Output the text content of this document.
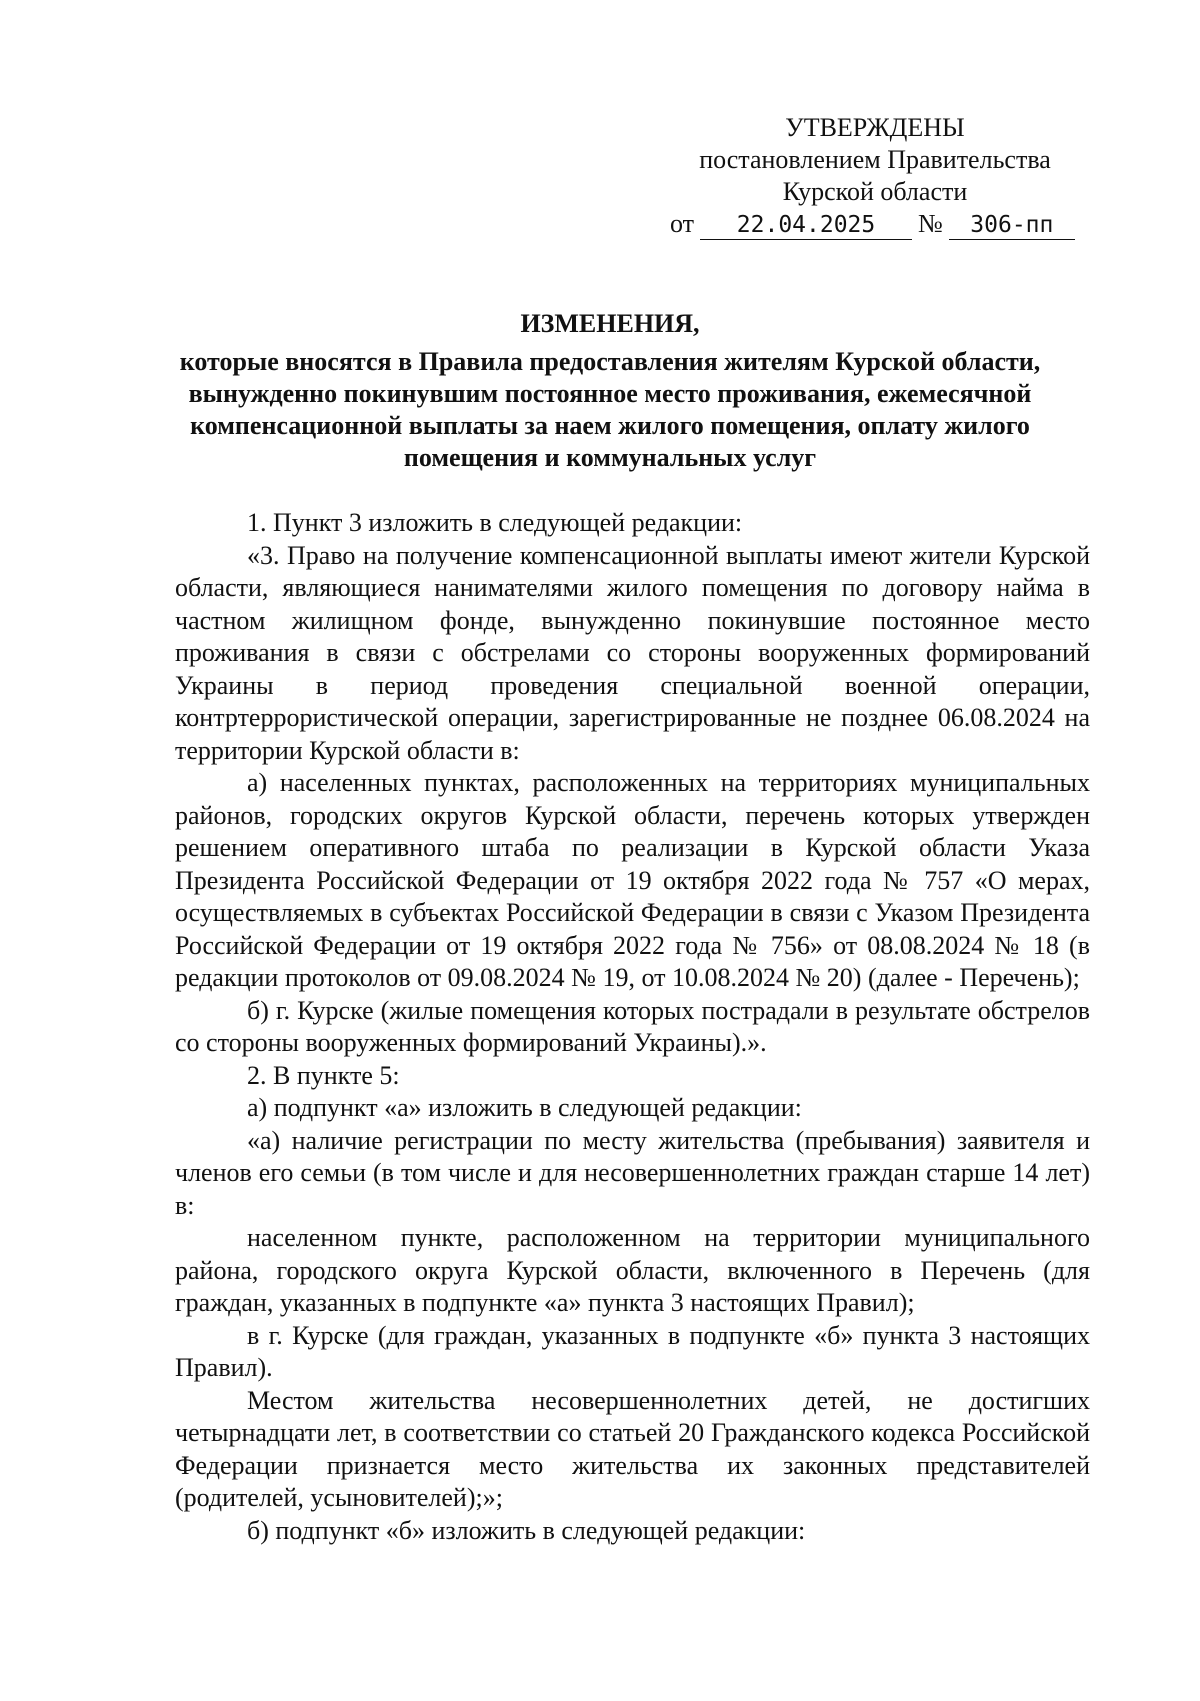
УТВЕРЖДЕНЫ
постановлением Правительства
Курской области
от 22.04.2025 № 306-пп
ИЗМЕНЕНИЯ,
которые вносятся в Правила предоставления жителям Курской области, вынужденно покинувшим постоянное место проживания, ежемесячной компенсационной выплаты за наем жилого помещения, оплату жилого помещения и коммунальных услуг

1. Пункт 3 изложить в следующей редакции:

«3. Право на получение компенсационной выплаты имеют жители Курской области, являющиеся нанимателями жилого помещения по договору найма в частном жилищном фонде, вынужденно покинувшие постоянное место проживания в связи с обстрелами со стороны вооруженных формирований Украины в период проведения специальной военной операции, контртеррористической операции, зарегистрированные не позднее 06.08.2024 на территории Курской области в:

а) населенных пунктах, расположенных на территориях муниципальных районов, городских округов Курской области, перечень которых утвержден решением оперативного штаба по реализации в Курской области Указа Президента Российской Федерации от 19 октября 2022 года № 757 «О мерах, осуществляемых в субъектах Российской Федерации в связи с Указом Президента Российской Федерации от 19 октября 2022 года № 756» от 08.08.2024 № 18 (в редакции протоколов от 09.08.2024 № 19, от 10.08.2024 № 20) (далее - Перечень);

б) г. Курске (жилые помещения которых пострадали в результате обстрелов со стороны вооруженных формирований Украины).».

2. В пункте 5:

а) подпункт «а» изложить в следующей редакции:

«а) наличие регистрации по месту жительства (пребывания) заявителя и членов его семьи (в том числе и для несовершеннолетних граждан старше 14 лет) в:

населенном пункте, расположенном на территории муниципального района, городского округа Курской области, включенного в Перечень (для граждан, указанных в подпункте «а» пункта 3 настоящих Правил);

в г. Курске (для граждан, указанных в подпункте «б» пункта 3 настоящих Правил).

Местом жительства несовершеннолетних детей, не достигших четырнадцати лет, в соответствии со статьей 20 Гражданского кодекса Российской Федерации признается место жительства их законных представителей (родителей, усыновителей);»;

б) подпункт «б» изложить в следующей редакции:
